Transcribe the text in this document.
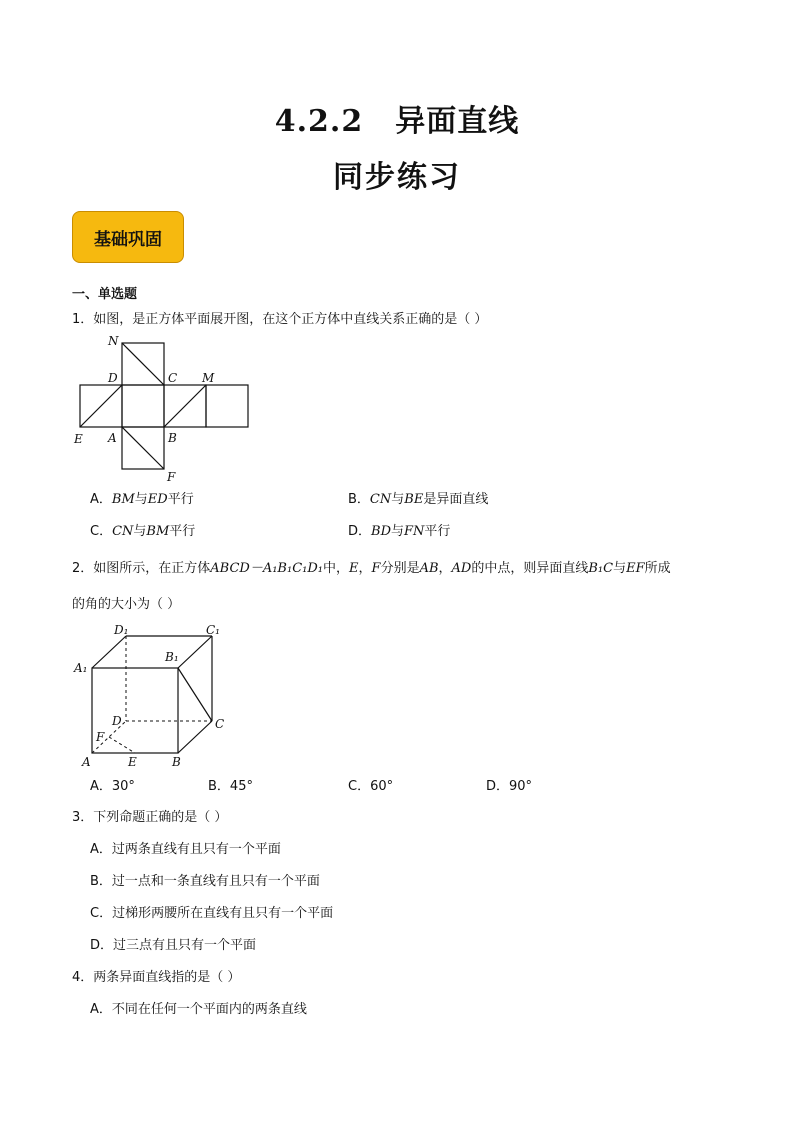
4.2.2 异面直线
同步练习
基础巩固
一、单选题
1．如图，是正方体平面展开图，在这个正方体中直线关系正确的是（ ）
N
D	C M
E A	B
F
A．BM与ED平行	B．CN与BE是异面直线
C．CN与BM平行	D．BD与FN平行
2．如图所示，在正方体ABCD－A₁B₁C₁D₁中，E，F分别是AB，AD的中点，则异面直线B₁C与EF所成
的角的大小为（ ）
D₁	C₁
B₁
A₁
D	C
F
A	E	B
A．30°	B．45°	C．60°	D．90°
3．下列命题正确的是（ ）
A．过两条直线有且只有一个平面
B．过一点和一条直线有且只有一个平面
C．过梯形两腰所在直线有且只有一个平面
D．过三点有且只有一个平面
4．两条异面直线指的是（ ）
A．不同在任何一个平面内的两条直线
